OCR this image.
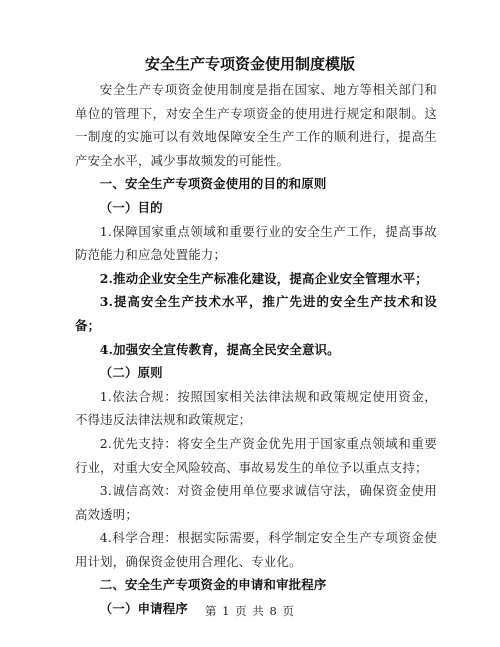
安全生产专项资金使用制度模版

安全生产专项资金使用制度是指在国家、地方等相关部门和单位的管理下，对安全生产专项资金的使用进行规定和限制。这一制度的实施可以有效地保障安全生产工作的顺利进行，提高生产安全水平，减少事故频发的可能性。

一、安全生产专项资金使用的目的和原则

（一）目的

1.保障国家重点领域和重要行业的安全生产工作，提高事故防范能力和应急处置能力；

2.推动企业安全生产标准化建设，提高企业安全管理水平；

3.提高安全生产技术水平，推广先进的安全生产技术和设备；

4.加强安全宣传教育，提高全民安全意识。

（二）原则

1.依法合规：按照国家相关法律法规和政策规定使用资金，不得违反法律法规和政策规定；

2.优先支持：将安全生产资金优先用于国家重点领域和重要行业，对重大安全风险较高、事故易发生的单位予以重点支持；

3.诚信高效：对资金使用单位要求诚信守法，确保资金使用高效透明；

4.科学合理：根据实际需要，科学制定安全生产专项资金使用计划，确保资金使用合理化、专业化。

二、安全生产专项资金的申请和审批程序

（一）申请程序	第 1 页 共 8 页
